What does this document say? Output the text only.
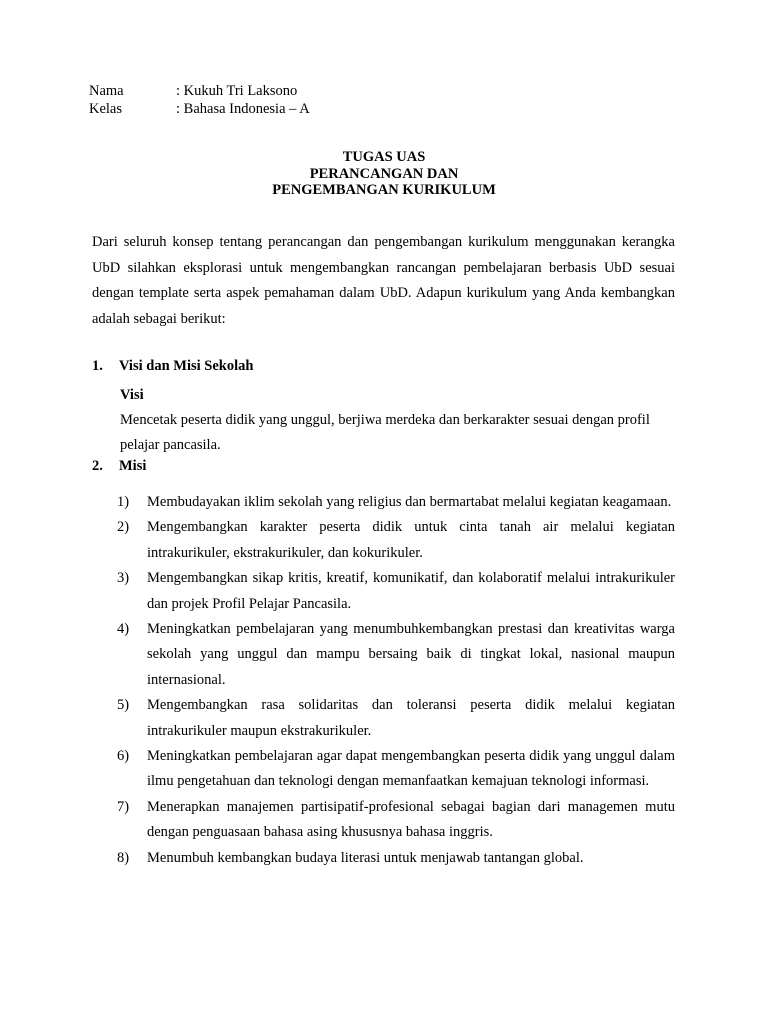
Nama	: Kukuh Tri Laksono
Kelas	: Bahasa Indonesia – A
TUGAS UAS
PERANCANGAN DAN
PENGEMBANGAN KURIKULUM

Dari seluruh konsep tentang perancangan dan pengembangan kurikulum menggunakan kerangka UbD silahkan eksplorasi untuk mengembangkan rancangan pembelajaran berbasis UbD sesuai dengan template serta aspek pemahaman dalam UbD. Adapun kurikulum yang Anda kembangkan adalah sebagai berikut:

1. Visi dan Misi Sekolah
Visi

Mencetak peserta didik yang unggul, berjiwa merdeka dan berkarakter sesuai dengan profil pelajar pancasila.

2. Misi
1)	Membudayakan iklim sekolah yang religius dan bermartabat melalui kegiatan keagamaan.
2)	Mengembangkan karakter peserta didik untuk cinta tanah air melalui kegiatan intrakurikuler, ekstrakurikuler, dan kokurikuler.
3)	Mengembangkan sikap kritis, kreatif, komunikatif, dan kolaboratif melalui intrakurikuler dan projek Profil Pelajar Pancasila.
4)	Meningkatkan pembelajaran yang menumbuhkembangkan prestasi dan kreativitas warga sekolah yang unggul dan mampu bersaing baik di tingkat lokal, nasional maupun internasional.
5)	Mengembangkan rasa solidaritas dan toleransi peserta didik melalui kegiatan intrakurikuler maupun ekstrakurikuler.
6)	Meningkatkan pembelajaran agar dapat mengembangkan peserta didik yang unggul dalam ilmu pengetahuan dan teknologi dengan memanfaatkan kemajuan teknologi informasi.
7)	Menerapkan manajemen partisipatif-profesional sebagai bagian dari managemen mutu dengan penguasaan bahasa asing khususnya bahasa inggris.
8)	Menumbuh kembangkan budaya literasi untuk menjawab tantangan global.
